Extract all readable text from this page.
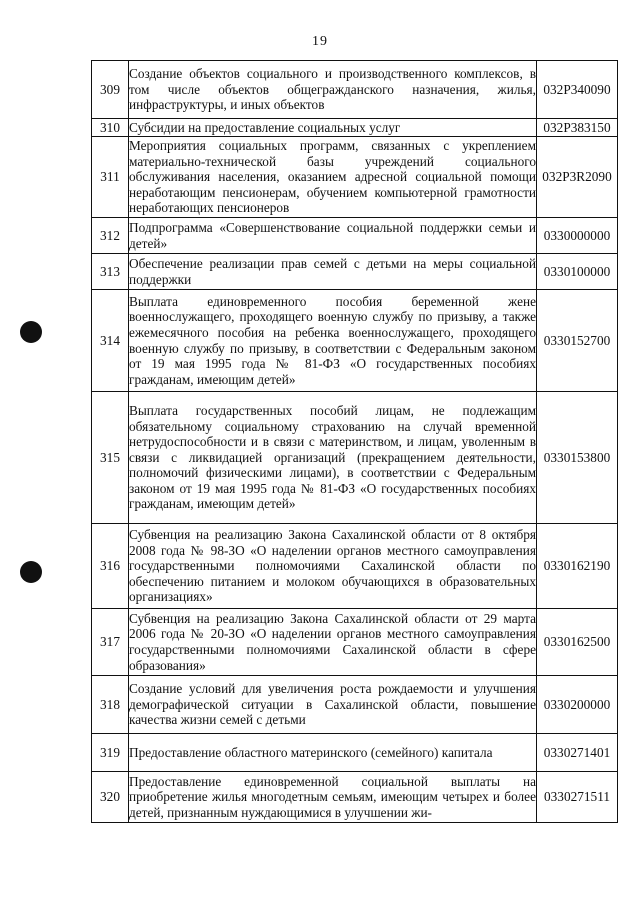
19
309	Создание объектов социального и производственного комплексов, в том числе объектов общегражданского назначения, жилья, инфраструктуры, и иных объектов	032P340090
310	Субсидии на предоставление социальных услуг	032P383150
311	Мероприятия социальных программ, связанных с укреплением материально-технической базы учреждений социального обслуживания населения, оказанием адресной социальной помощи неработающим пенсионерам, обучением компьютерной грамотности неработающих пенсионеров	032P3R2090
312	Подпрограмма «Совершенствование социальной поддержки семьи и детей»	0330000000
313	Обеспечение реализации прав семей с детьми на меры социальной поддержки	0330100000
314	Выплата единовременного пособия беременной жене военнослужащего, проходящего военную службу по призыву, а также ежемесячного пособия на ребенка военнослужащего, проходящего военную службу по призыву, в соответствии с Федеральным законом от 19 мая 1995 года № 81-ФЗ «О государственных пособиях гражданам, имеющим детей»	0330152700
315	Выплата государственных пособий лицам, не подлежащим обязательному социальному страхованию на случай временной нетрудоспособности и в связи с материнством, и лицам, уволенным в связи с ликвидацией организаций (прекращением деятельности, полномочий физическими лицами), в соответствии с Федеральным законом от 19 мая 1995 года № 81-ФЗ «О государственных пособиях гражданам, имеющим детей»	0330153800
316	Субвенция на реализацию Закона Сахалинской области от 8 октября 2008 года № 98-ЗО «О наделении органов местного самоуправления государственными полномочиями Сахалинской области по обеспечению питанием и молоком обучающихся в образовательных организациях»	0330162190
317	Субвенция на реализацию Закона Сахалинской области от 29 марта 2006 года № 20-ЗО «О наделении органов местного самоуправления государственными полномочиями Сахалинской области в сфере образования»	0330162500
318	Создание условий для увеличения роста рождаемости и улучшения демографической ситуации в Сахалинской области, повышение качества жизни семей с детьми	0330200000
319	Предоставление областного материнского (семейного) капитала	0330271401
320	Предоставление единовременной социальной выплаты на приобретение жилья многодетным семьям, имеющим четырех и более детей, признанным нуждающимися в улучшении жи-	0330271511
